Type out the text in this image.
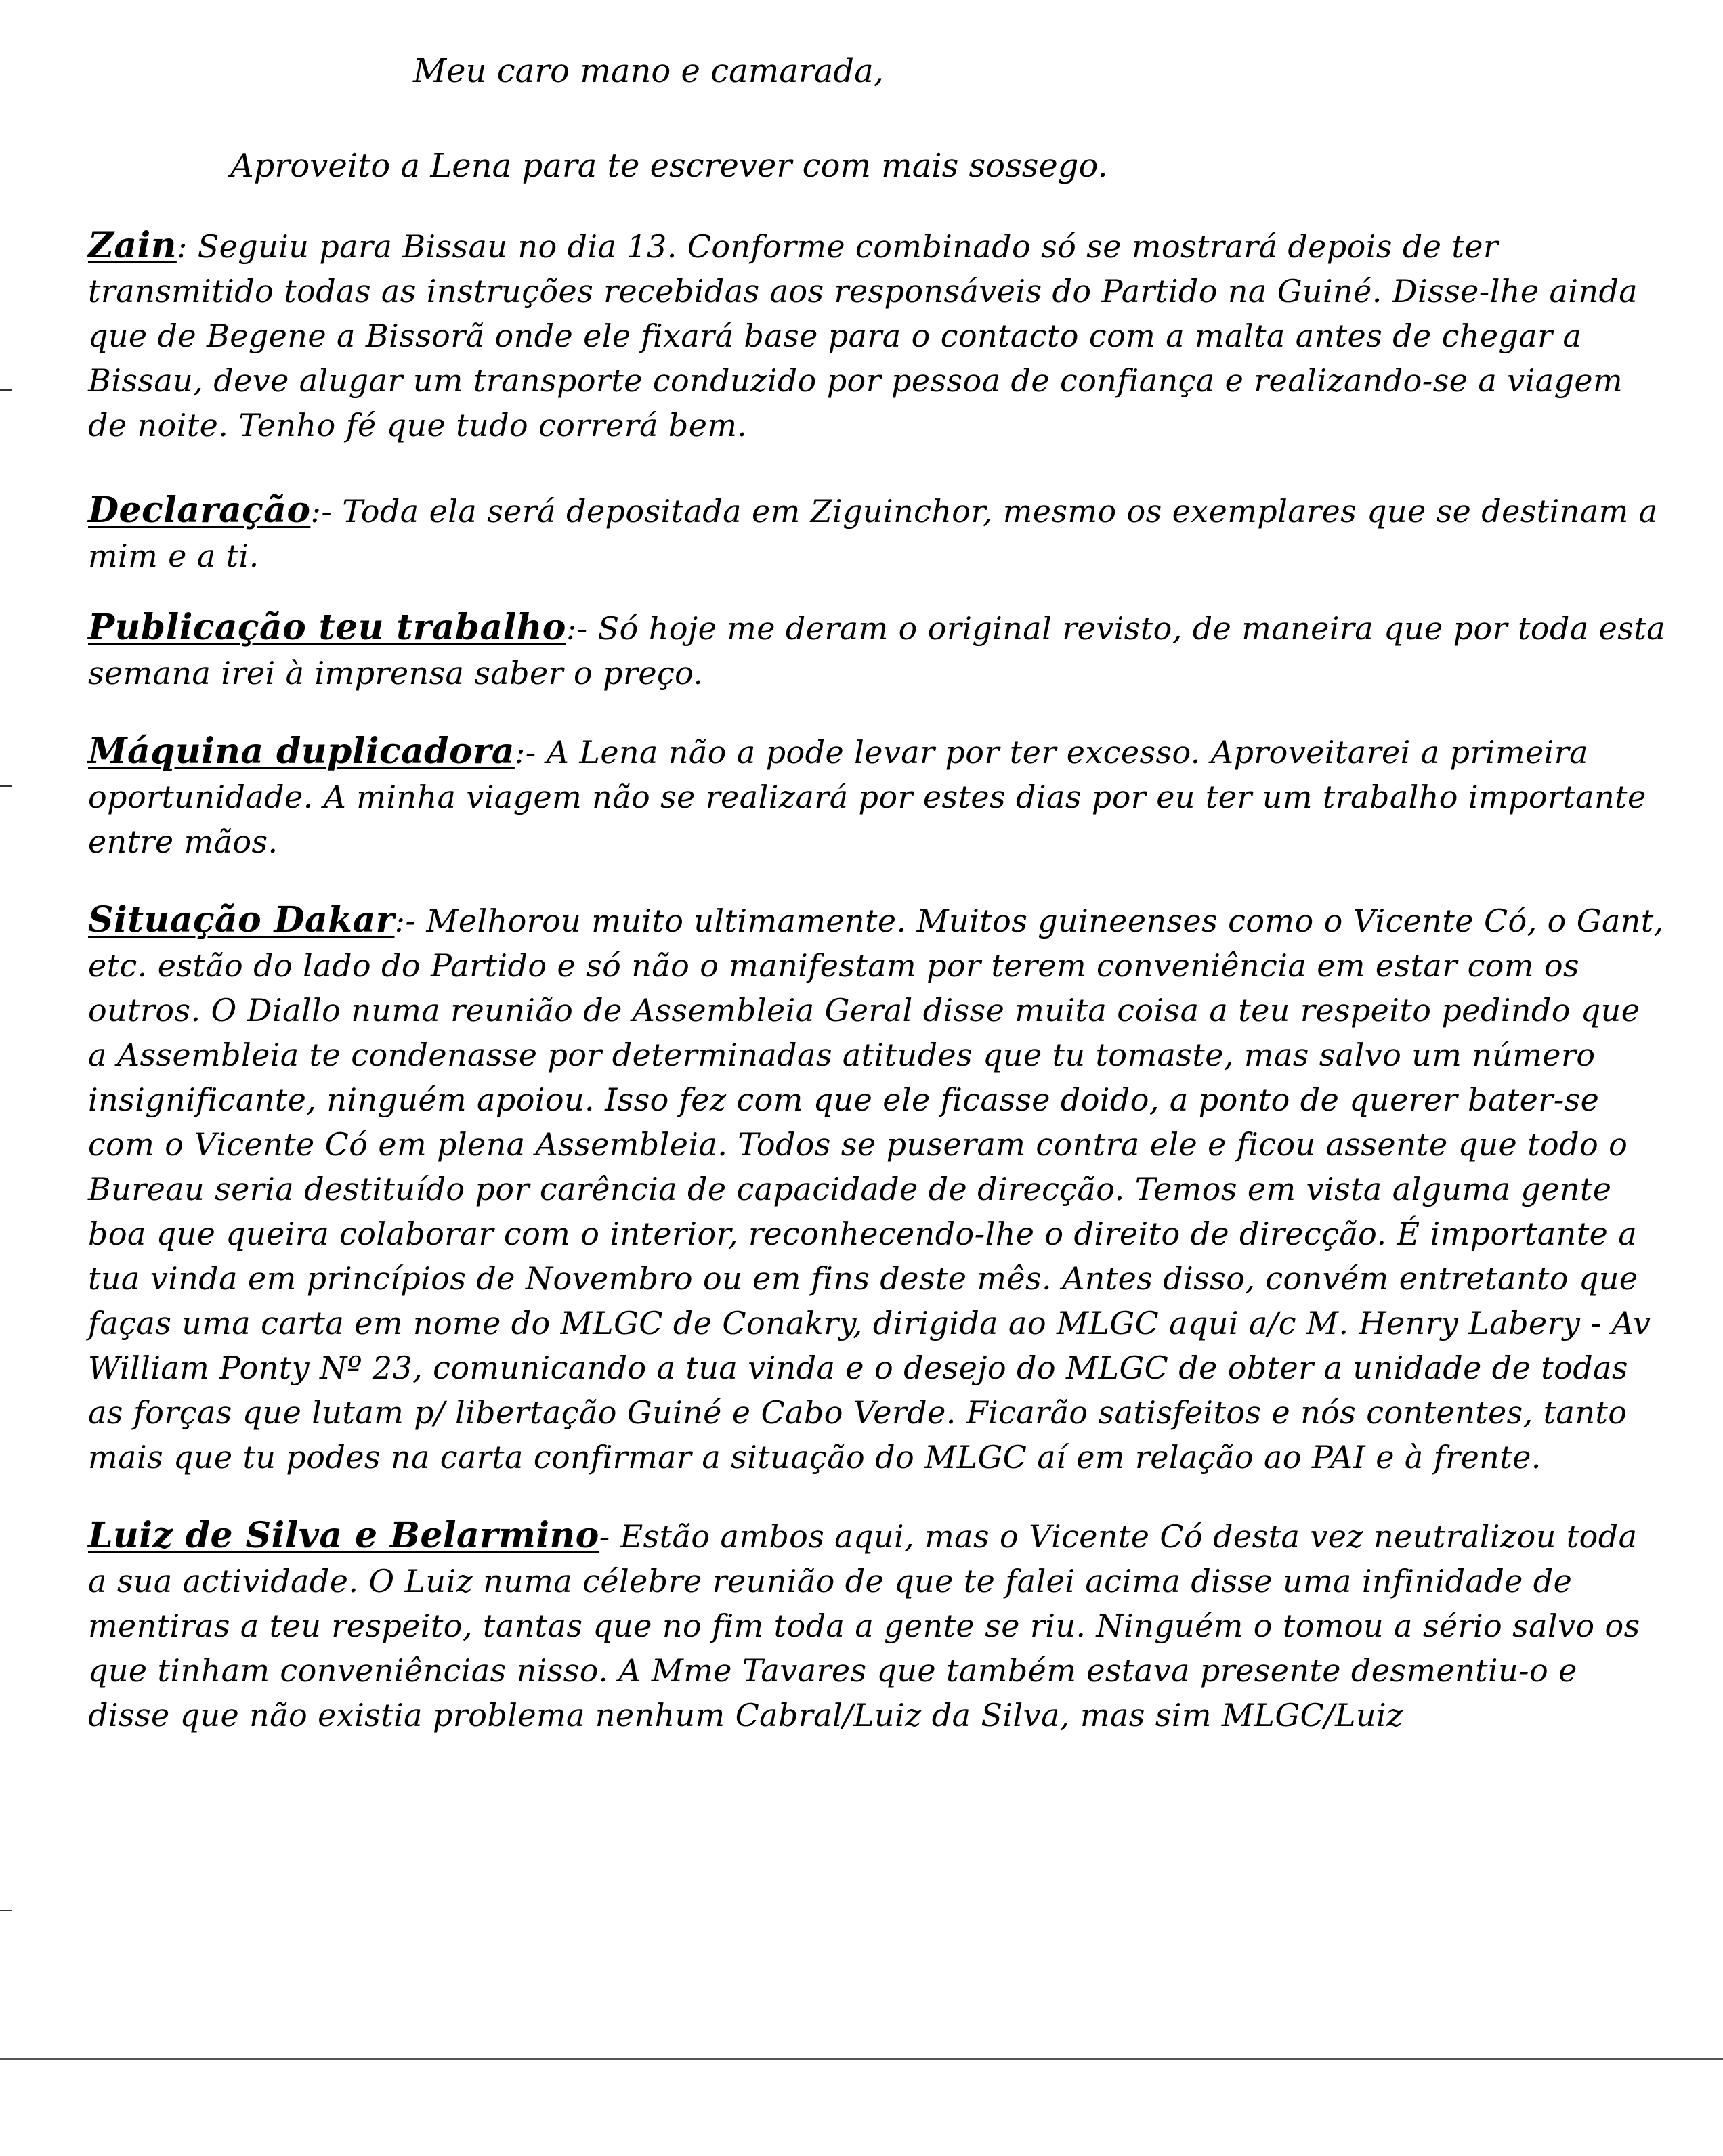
Meu caro mano e camarada,
Aproveito a Lena para te escrever com mais sossego.
Zain: Seguiu para Bissau no dia 13. Conforme combinado só se mostrará depois de ter transmitido todas as instruções recebidas aos responsáveis do Partido na Guiné. Disse-lhe ainda que de Begene a Bissorã onde ele fixará base para o contacto com a malta antes de chegar a Bissau, deve alugar um transporte conduzido por pessoa de confiança e realizando-se a viagem de noite. Tenho fé que tudo correrá bem.
Declaração:- Toda ela será depositada em Ziguinchor, mesmo os exemplares que se destinam a mim e a ti.
Publicação teu trabalho:- Só hoje me deram o original revisto, de maneira que por toda esta semana irei à imprensa saber o preço.
Máquina duplicadora:- A Lena não a pode levar por ter excesso. Aproveitarei a primeira oportunidade. A minha viagem não se realizará por estes dias por eu ter um trabalho importante entre mãos.
Situação Dakar:- Melhorou muito ultimamente. Muitos guineenses como o Vicente Có, o Gant, etc. estão do lado do Partido e só não o manifestam por terem conveniência em estar com os outros. O Diallo numa reunião de Assembleia Geral disse muita coisa a teu respeito pedindo que a Assembleia te condenasse por determinadas atitudes que tu tomaste, mas salvo um número insignificante, ninguém apoiou. Isso fez com que ele ficasse doido, a ponto de querer bater-se com o Vicente Có em plena Assembleia. Todos se puseram contra ele e ficou assente que todo o Bureau seria destituído por carência de capacidade de direcção. Temos em vista alguma gente boa que queira colaborar com o interior, reconhecendo-lhe o direito de direcção. É importante a tua vinda em princípios de Novembro ou em fins deste mês. Antes disso, convém entretanto que faças uma carta em nome do MLGC de Conakry, dirigida ao MLGC aqui a/c M. Henry Labery - Av William Ponty Nº 23, comunicando a tua vinda e o desejo do MLGC de obter a unidade de todas as forças que lutam p/ libertação Guiné e Cabo Verde. Ficarão satisfeitos e nós contentes, tanto mais que tu podes na carta confirmar a situação do MLGC aí em relação ao PAI e à frente.
Luiz de Silva e Belarmino- Estão ambos aqui, mas o Vicente Có desta vez neutralizou toda a sua actividade. O Luiz numa célebre reunião de que te falei acima disse uma infinidade de mentiras a teu respeito, tantas que no fim toda a gente se riu. Ninguém o tomou a sério salvo os que tinham conveniências nisso. A Mme Tavares que também estava presente desmentiu-o e disse que não existia problema nenhum Cabral/Luiz da Silva, mas sim MLGC/Luiz
